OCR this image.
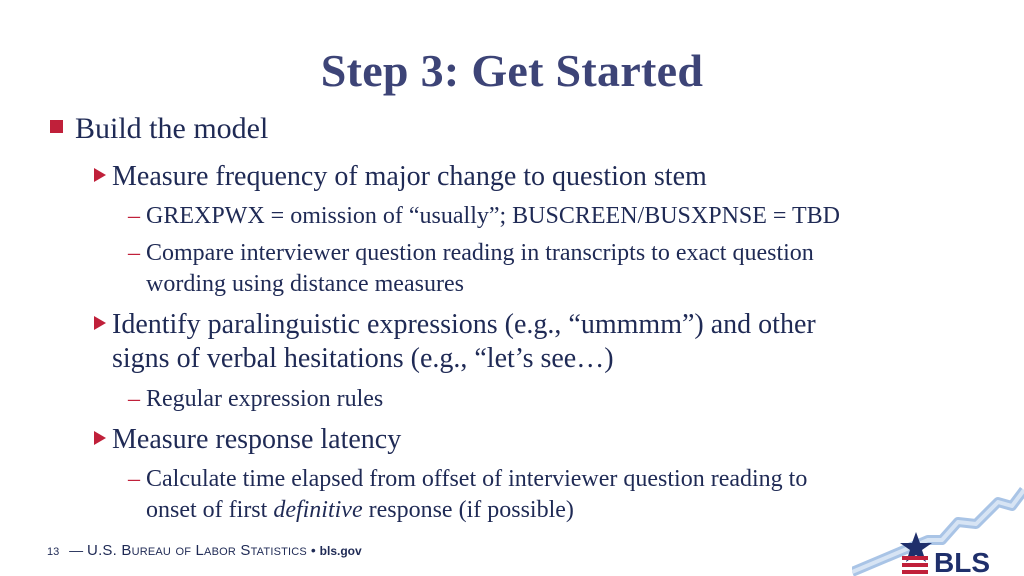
Step 3: Get Started
Build the model
Measure frequency of major change to question stem
– GREXPWX = omission of “usually”; BUSCREEN/BUSXPNSE = TBD
– Compare interviewer question reading in transcripts to exact question
wording using distance measures
Identify paralinguistic expressions (e.g., “ummmm”) and other
signs of verbal hesitations (e.g., “let’s see…)
– Regular expression rules
Measure response latency
– Calculate time elapsed from offset of interviewer question reading to
onset of first definitive response (if possible)
13 — U.S. Bureau of Labor Statistics • bls.gov	BLS
